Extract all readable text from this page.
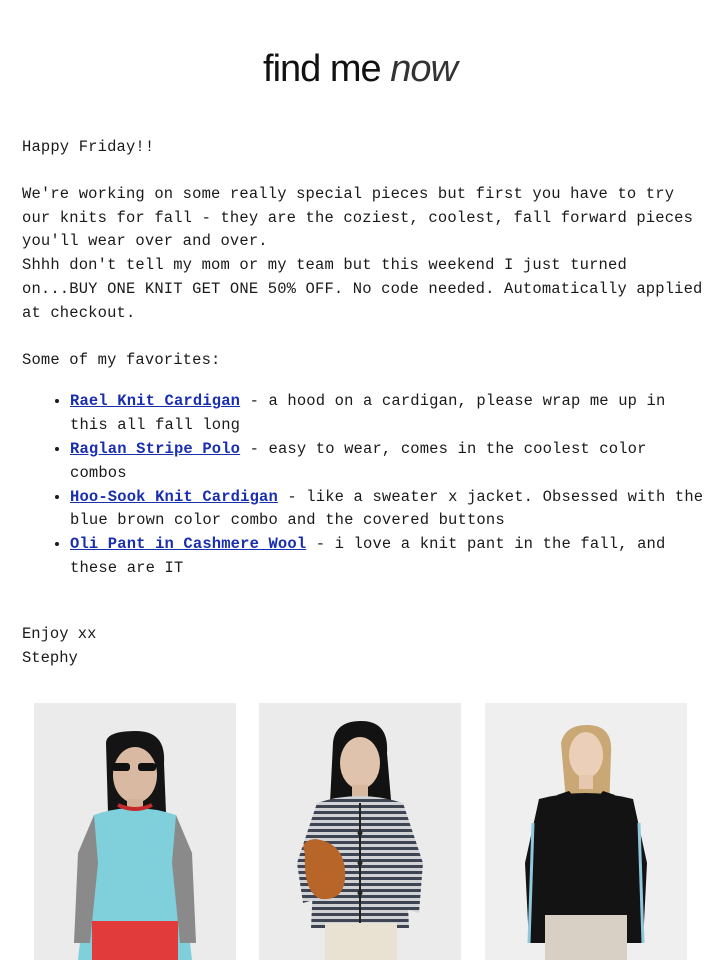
find me now

Happy Friday!!

We're working on some really special pieces but first you have to try

our knits for fall - they are the coziest, coolest, fall forward pieces

you'll wear over and over.

Shhh don't tell my mom or my team but this weekend I just turned

on...BUY ONE KNIT GET ONE 50% OFF. No code needed. Automatically applied

at checkout.

Some of my favorites:

• Rael Knit Cardigan - a hood on a cardigan, please wrap me up in this all fall long
• Raglan Stripe Polo - easy to wear, comes in the coolest color combos
• Hoo-Sook Knit Cardigan - like a sweater x jacket. Obsessed with the blue brown color combo and the covered buttons
• Oli Pant in Cashmere Wool - i love a knit pant in the fall, and these are IT
Enjoy xx
Stephy
